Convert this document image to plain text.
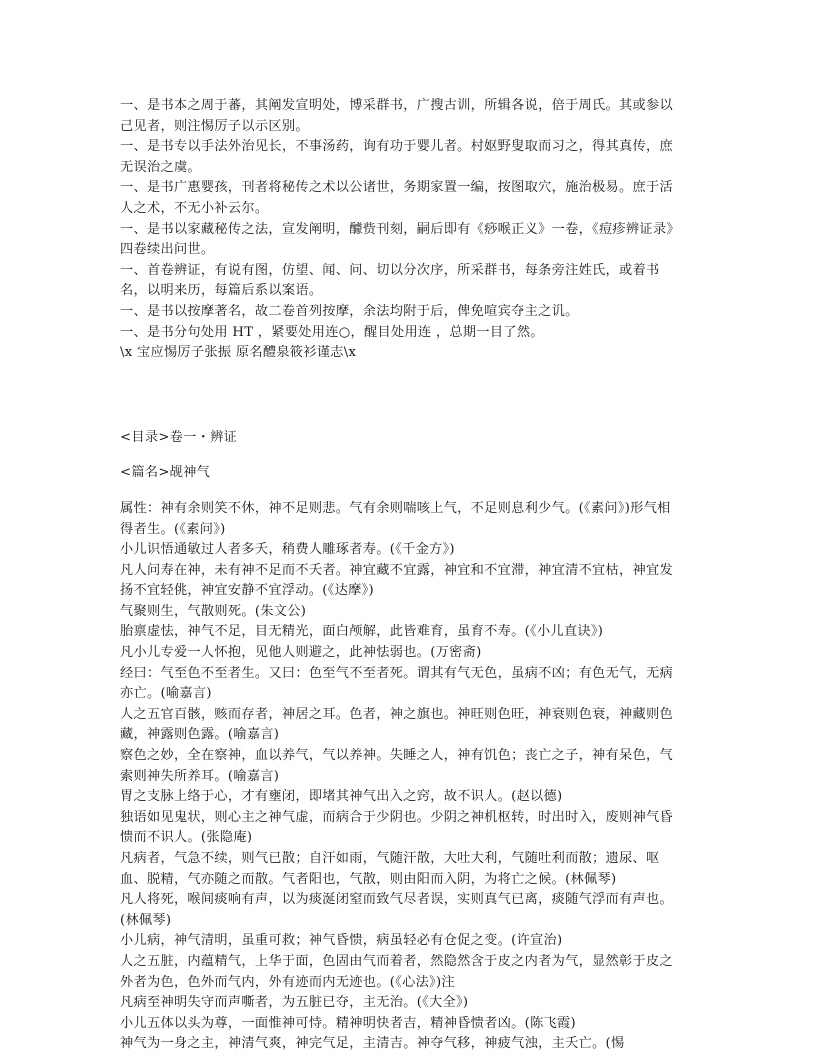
一、是书本之周于蕃，其阐发宣明处，博采群书，广搜古训，所辑各说，倍于周氏。其或参以己见者，则注惕厉子以示区别。
一、是书专以手法外治见长，不事汤药，询有功于婴儿者。村妪野叟取而习之，得其真传，庶无误治之虞。
一、是书广惠婴孩，刊者将秘传之术以公诸世，务期家置一编，按图取穴，施治极易。庶于活人之术，不无小补云尔。
一、是书以家藏秘传之法，宣发阐明，醵赀刊刻，嗣后即有《痧喉正义》一卷，《痘疹辨证录》四卷续出问世。
一、首卷辨证，有说有图，仿望、闻、问、切以分次序，所采群书，每条旁注姓氏，或着书名，以明来历，每篇后系以案语。
一、是书以按摩著名，故二卷首列按摩，余法均附于后，俾免喧宾夺主之讥。
一、是书分句处用 HT ，紧要处用连○，醒目处用连 ，总期一目了然。
\x 宝应惕厉子张振 原名醴泉筱衫谨志\x
<目录>卷一・辨证
<篇名>觇神气
属性：神有余则笑不休，神不足则悲。气有余则喘咳上气，不足则息利少气。(《素问》)形气相得者生。(《素问》)
小儿识悟通敏过人者多夭，稍费人雕琢者寿。(《千金方》)
凡人问寿在神，未有神不足而不夭者。神宜藏不宜露，神宜和不宜滞，神宜清不宜枯，神宜发扬不宜轻佻，神宜安静不宜浮动。(《达摩》)
气聚则生，气散则死。(朱文公)
胎禀虚怯，神气不足，目无精光，面白颅解，此皆难育，虽育不寿。(《小儿直诀》)
凡小儿专爱一人怀抱，见他人则避之，此神怯弱也。(万密斋)
经曰：气至色不至者生。又曰：色至气不至者死。谓其有气无色，虽病不凶；有色无气，无病亦亡。(喻嘉言)
人之五官百骸，赅而存者，神居之耳。色者，神之旗也。神旺则色旺，神衰则色衰，神藏则色藏，神露则色露。(喻嘉言)
察色之妙，全在察神，血以养气，气以养神。失睡之人，神有饥色；丧亡之子，神有呆色，气索则神失所养耳。(喻嘉言)
胃之支脉上络于心，才有壅闭，即堵其神气出入之窍，故不识人。(赵以德)
独语如见鬼状，则心主之神气虚，而病合于少阴也。少阴之神机枢转，时出时入，废则神气昏愦而不识人。(张隐庵)
凡病者，气急不续，则气已散；自汗如雨，气随汗散，大吐大利，气随吐利而散；遗尿、呕血、脱精，气亦随之而散。气者阳也，气散，则由阳而入阴，为将亡之候。(林佩琴)
凡人将死，喉间痰响有声，以为痰涎闭窒而致气尽者误，实则真气已离，痰随气浮而有声也。(林佩琴)
小儿病，神气清明，虽重可救；神气昏愦，病虽轻必有仓促之变。(许宣治)
人之五脏，内蕴精气，上华于面，色固由气而着者，然隐然含于皮之内者为气，显然彰于皮之外者为色，色外而气内，外有迹而内无迹也。(《心法》)注
凡病至神明失守而声嘶者，为五脏已夺，主无治。(《大全》)
小儿五体以头为尊，一面惟神可恃。精神明快者吉，精神昏愦者凶。(陈飞霞)
神气为一身之主，神清气爽，神完气足，主清吉。神夺气移，神疲气浊，主夭亡。(惕
